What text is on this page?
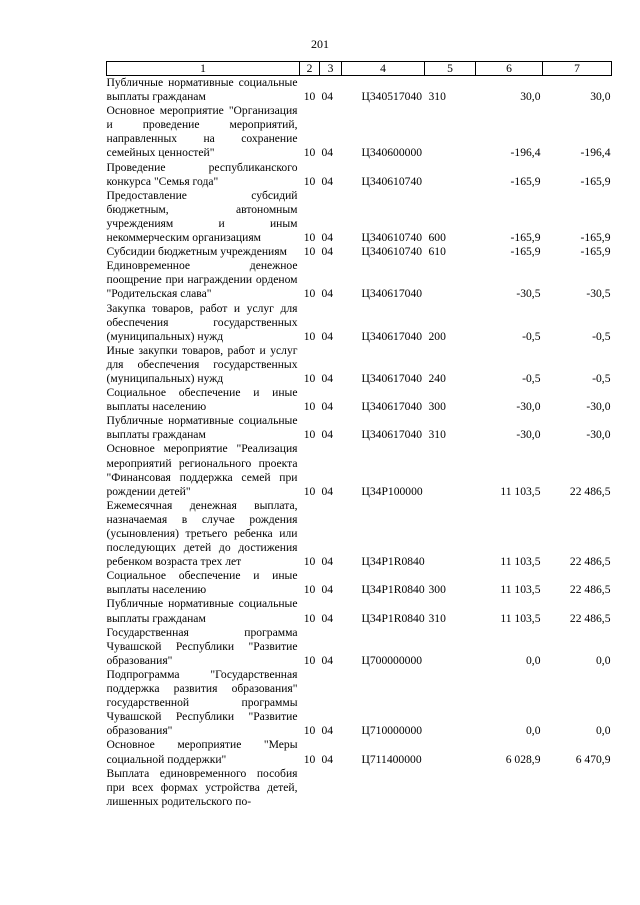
201
1	2	3	4	5	6	7
Публичные нормативные социальные выплаты гражданам	10	04	Ц340517040	310	30,0	30,0
Основное мероприятие "Организация и проведение мероприятий, направленных на сохранение семейных ценностей"	10	04	Ц340600000		-196,4	-196,4
Проведение республиканского конкурса "Семья года"	10	04	Ц340610740		-165,9	-165,9
Предоставление субсидий бюджетным, автономным учреждениям и иным некоммерческим организациям	10	04	Ц340610740	600	-165,9	-165,9
Субсидии бюджетным учреждениям	10	04	Ц340610740	610	-165,9	-165,9
Единовременное денежное поощрение при награждении орденом "Родительская слава"	10	04	Ц340617040		-30,5	-30,5
Закупка товаров, работ и услуг для обеспечения государственных (муниципальных) нужд	10	04	Ц340617040	200	-0,5	-0,5
Иные закупки товаров, работ и услуг для обеспечения государственных (муниципальных) нужд	10	04	Ц340617040	240	-0,5	-0,5
Социальное обеспечение и иные выплаты населению	10	04	Ц340617040	300	-30,0	-30,0
Публичные нормативные социальные выплаты гражданам	10	04	Ц340617040	310	-30,0	-30,0
Основное мероприятие "Реализация мероприятий регионального проекта "Финансовая поддержка семей при рождении детей"	10	04	Ц34P100000		11 103,5	22 486,5
Ежемесячная денежная выплата, назначаемая в случае рождения (усыновления) третьего ребенка или последующих детей до достижения ребенком возраста трех лет	10	04	Ц34P1R0840		11 103,5	22 486,5
Социальное обеспечение и иные выплаты населению	10	04	Ц34P1R0840	300	11 103,5	22 486,5
Публичные нормативные социальные выплаты гражданам	10	04	Ц34P1R0840	310	11 103,5	22 486,5
Государственная программа Чувашской Республики "Развитие образования"	10	04	Ц700000000		0,0	0,0
Подпрограмма "Государственная поддержка развития образования" государственной программы Чувашской Республики "Развитие образования"	10	04	Ц710000000		0,0	0,0
Основное мероприятие "Меры социальной поддержки"	10	04	Ц711400000		6 028,9	6 470,9
Выплата единовременного пособия при всех формах устройства детей, лишенных родительского по-						
